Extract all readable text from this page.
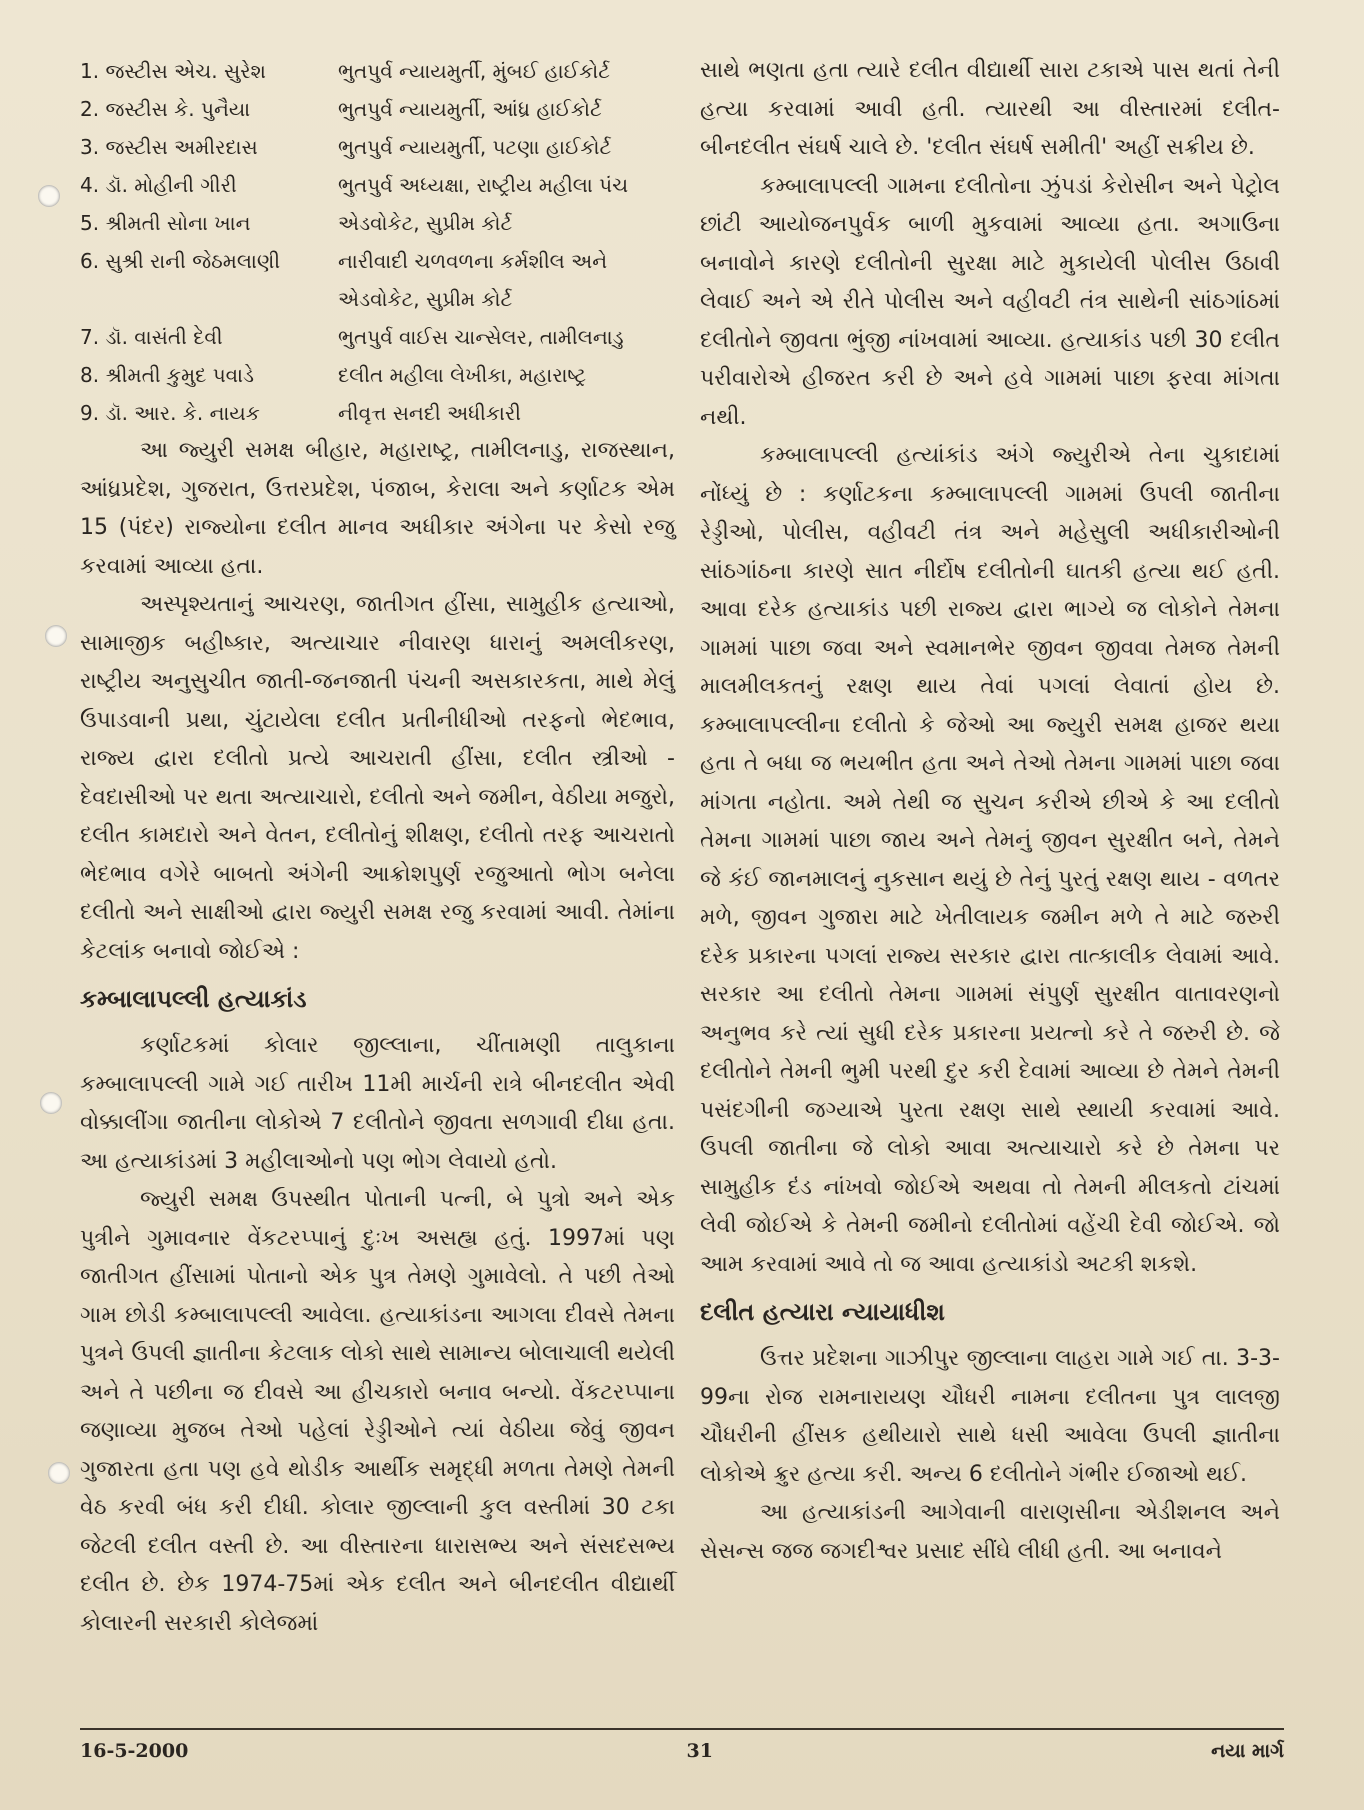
1. જસ્ટીસ એચ. સુરેશ	ભુતપુર્વ ન્યાયમુર્તી, મુંબઈ હાઈકોર્ટ
2. જસ્ટીસ કે. પુનૈયા	ભુતપુર્વ ન્યાયમુર્તી, આંધ્ર હાઈકોર્ટ
3. જસ્ટીસ અમીરદાસ	ભુતપુર્વ ન્યાયમુર્તી, પટણા હાઈકોર્ટ
4. ડૉ. મોહીની ગીરી	ભુતપુર્વ અધ્યક્ષા, રાષ્ટ્રીય મહીલા પંચ
5. શ્રીમતી સોના ખાન	એડવોકેટ, સુપ્રીમ કોર્ટ
6. સુશ્રી રાની જેઠમલાણી	નારીવાદી ચળવળના કર્મશીલ અને એડવોકેટ, સુપ્રીમ કોર્ટ
7. ડૉ. વાસંતી દેવી	ભુતપુર્વ વાઈસ ચાન્સેલર, તામીલનાડુ
8. શ્રીમતી કુમુદ પવાડે	દલીત મહીલા લેખીકા, મહારાષ્ટ્ર
9. ડૉ. આર. કે. નાયક	નીવૃત્ત સનદી અધીકારી

આ જ્યુરી સમક્ષ બીહાર, મહારાષ્ટ્ર, તામીલનાડુ, રાજસ્થાન, આંધ્રપ્રદેશ, ગુજરાત, ઉત્તરપ્રદેશ, પંજાબ, કેરાલા અને કર્ણાટક એમ 15 (પંદર) રાજ્યોના દલીત માનવ અધીકાર અંગેના પર કેસો રજુ કરવામાં આવ્યા હતા.

અસ્પૃશ્યતાનું આચરણ, જાતીગત હીંસા, સામુહીક હત્યાઓ, સામાજીક બહીષ્કાર, અત્યાચાર નીવારણ ધારાનું અમલીકરણ, રાષ્ટ્રીય અનુસુચીત જાતી-જનજાતી પંચની અસકારકતા, માથે મેલું ઉપાડવાની પ્રથા, ચુંટાયેલા દલીત પ્રતીનીધીઓ તરફનો ભેદભાવ, રાજ્ય દ્વારા દલીતો પ્રત્યે આચરાતી હીંસા, દલીત સ્ત્રીઓ - દેવદાસીઓ પર થતા અત્યાચારો, દલીતો અને જમીન, વેઠીયા મજુરો, દલીત કામદારો અને વેતન, દલીતોનું શીક્ષણ, દલીતો તરફ આચરાતો ભેદભાવ વગેરે બાબતો અંગેની આક્રોશપુર્ણ રજુઆતો ભોગ બનેલા દલીતો અને સાક્ષીઓ દ્વારા જ્યુરી સમક્ષ રજુ કરવામાં આવી. તેમાંના કેટલાંક બનાવો જોઈએ :

કમ્બાલાપલ્લી હત્યાકાંડ

કર્ણાટકમાં કોલાર જીલ્લાના, ચીંતામણી તાલુકાના કમ્બાલાપલ્લી ગામે ગઈ તારીખ 11મી માર્ચની રાત્રે બીનદલીત એવી વોક્કાલીંગા જાતીના લોકોએ 7 દલીતોને જીવતા સળગાવી દીધા હતા. આ હત્યાકાંડમાં 3 મહીલાઓનો પણ ભોગ લેવાયો હતો.

જ્યુરી સમક્ષ ઉપસ્થીત પોતાની પત્ની, બે પુત્રો અને એક પુત્રીને ગુમાવનાર વેંકટરપ્પાનું દુઃખ અસહ્ય હતું. 1997માં પણ જાતીગત હીંસામાં પોતાનો એક પુત્ર તેમણે ગુમાવેલો. તે પછી તેઓ ગામ છોડી કમ્બાલાપલ્લી આવેલા. હત્યાકાંડના આગલા દીવસે તેમના પુત્રને ઉપલી જ્ઞાતીના કેટલાક લોકો સાથે સામાન્ય બોલાચાલી થયેલી અને તે પછીના જ દીવસે આ હીચકારો બનાવ બન્યો. વેંકટરપ્પાના જણાવ્યા મુજબ તેઓ પહેલાં રેડ્ડીઓને ત્યાં વેઠીયા જેવું જીવન ગુજારતા હતા પણ હવે થોડીક આર્થીક સમૃદ્ધી મળતા તેમણે તેમની વેઠ કરવી બંધ કરી દીધી. કોલાર જીલ્લાની કુલ વસ્તીમાં 30 ટકા જેટલી દલીત વસ્તી છે. આ વીસ્તારના ધારાસભ્ય અને સંસદસભ્ય દલીત છે. છેક 1974-75માં એક દલીત અને બીનદલીત વીદ્યાર્થી કોલારની સરકારી કોલેજમાં

સાથે ભણતા હતા ત્યારે દલીત વીદ્યાર્થી સારા ટકાએ પાસ થતાં તેની હત્યા કરવામાં આવી હતી. ત્યારથી આ વીસ્તારમાં દલીત-બીનદલીત સંઘર્ષ ચાલે છે. 'દલીત સંઘર્ષ સમીતી' અહીં સક્રીય છે.

કમ્બાલાપલ્લી ગામના દલીતોના ઝુંપડાં કેરોસીન અને પેટ્રોલ છાંટી આયોજનપુર્વક બાળી મુકવામાં આવ્યા હતા. અગાઉના બનાવોને કારણે દલીતોની સુરક્ષા માટે મુકાયેલી પોલીસ ઉઠાવી લેવાઈ અને એ રીતે પોલીસ અને વહીવટી તંત્ર સાથેની સાંઠગાંઠમાં દલીતોને જીવતા ભુંજી નાંખવામાં આવ્યા. હત્યાકાંડ પછી 30 દલીત પરીવારોએ હીજરત કરી છે અને હવે ગામમાં પાછા ફરવા માંગતા નથી.

કમ્બાલાપલ્લી હત્યાંકાંડ અંગે જ્યુરીએ તેના ચુકાદામાં નોંધ્યું છે : કર્ણાટકના કમ્બાલાપલ્લી ગામમાં ઉપલી જાતીના રેડ્ડીઓ, પોલીસ, વહીવટી તંત્ર અને મહેસુલી અધીકારીઓની સાંઠગાંઠના કારણે સાત નીર્દોષ દલીતોની ઘાતકી હત્યા થઈ હતી. આવા દરેક હત્યાકાંડ પછી રાજ્ય દ્વારા ભાગ્યે જ લોકોને તેમના ગામમાં પાછા જવા અને સ્વમાનભેર જીવન જીવવા તેમજ તેમની માલમીલકતનું રક્ષણ થાય તેવાં પગલાં લેવાતાં હોય છે. કમ્બાલાપલ્લીના દલીતો કે જેઓ આ જ્યુરી સમક્ષ હાજર થયા હતા તે બધા જ ભયભીત હતા અને તેઓ તેમના ગામમાં પાછા જવા માંગતા નહોતા. અમે તેથી જ સુચન કરીએ છીએ કે આ દલીતો તેમના ગામમાં પાછા જાય અને તેમનું જીવન સુરક્ષીત બને, તેમને જે કંઈ જાનમાલનું નુકસાન થયું છે તેનું પુરતું રક્ષણ થાય - વળતર મળે, જીવન ગુજારા માટે ખેતીલાયક જમીન મળે તે માટે જરુરી દરેક પ્રકારના પગલાં રાજ્ય સરકાર દ્વારા તાત્કાલીક લેવામાં આવે. સરકાર આ દલીતો તેમના ગામમાં સંપુર્ણ સુરક્ષીત વાતાવરણનો અનુભવ કરે ત્યાં સુધી દરેક પ્રકારના પ્રયત્નો કરે તે જરુરી છે. જે દલીતોને તેમની ભુમી પરથી દુર કરી દેવામાં આવ્યા છે તેમને તેમની પસંદગીની જગ્યાએ પુરતા રક્ષણ સાથે સ્થાયી કરવામાં આવે. ઉપલી જાતીના જે લોકો આવા અત્યાચારો કરે છે તેમના પર સામુહીક દંડ નાંખવો જોઈએ અથવા તો તેમની મીલકતો ટાંચમાં લેવી જોઈએ કે તેમની જમીનો દલીતોમાં વહેંચી દેવી જોઈએ. જો આમ કરવામાં આવે તો જ આવા હત્યાકાંડો અટકી શકશે.

દલીત હત્યારા ન્યાયાધીશ

ઉત્તર પ્રદેશના ગાઝીપુર જીલ્લાના લાહરા ગામે ગઈ તા. 3-3-99ના રોજ રામનારાયણ ચૌધરી નામના દલીતના પુત્ર લાલજી ચૌધરીની હીંસક હથીયારો સાથે ધસી આવેલા ઉપલી જ્ઞાતીના લોકોએ ક્રુર હત્યા કરી. અન્ય 6 દલીતોને ગંભીર ઈજાઓ થઈ.

આ હત્યાકાંડની આગેવાની વારાણસીના એડીશનલ અને સેસન્સ જજ જગદીશ્વર પ્રસાદ સીંઘે લીધી હતી. આ બનાવને

16-5-2000	31	નયા માર્ગ
